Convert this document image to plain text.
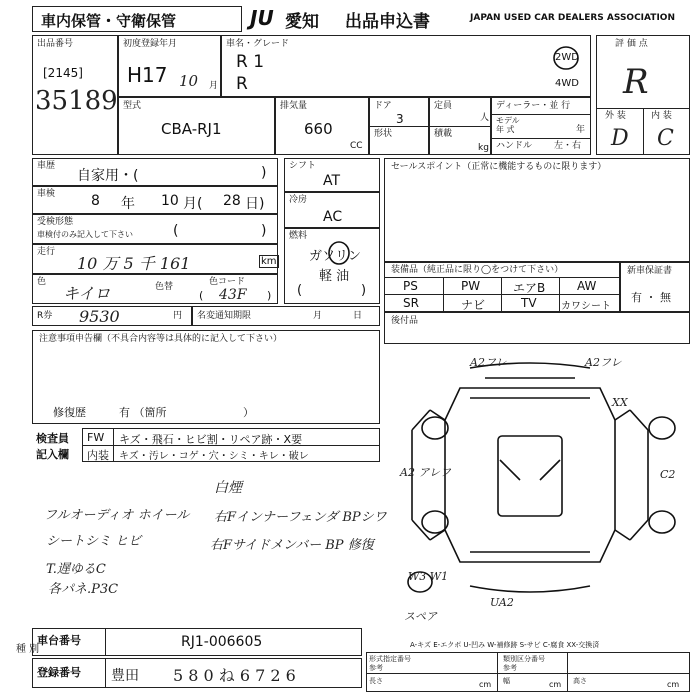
車内保管・守衛保管	JU 愛知 出品申込書	JAPAN USED CAR DEALERS ASSOCIATION
出品番号
[2145]
35189
初度登録年月
H17 10 月
車名・グレード
R 1
R
2WD
4WD
評 価 点
R
外 装	内 装
D C
型式
CBA-RJ1
排気量
660
CC
ドア
3
形状
定員
人
積載
kg
ディーラー・並 行
モデル
年 式	年
ハンドル 左・右
車歴
自家用・(	)
車検	8 年 10 月( 28 日)
受検形態
車検付のみ記入して下さい	(	)
走行
10 万 5 千 161	km
色
キイロ	色替	色コード
( 43F )
R券 9530	円 名変通知期限	月	日
シフト
AT
冷房
AC
燃料
ガソリン
軽 油
(	)
セールスポイント（正常に機能するものに限ります）
装備品（純正品に限り◯をつけて下さい）
PS	PW	エアB	AW
SR	ナビ	TV カワシート
新車保証書
有 ・ 無
後付品
注意事項申告欄（不具合内容等は具体的に記入して下さい）
修復歴	有 （箇所	）
検査員
記入欄
FW キズ・飛石・ヒビ割・リペア跡・X要
内装 キズ・汚レ・コゲ・穴・シミ・キレ・破レ
白煙
右Fインナーフェンダ BPシワ
右Fサイドメンバー BP 修復
フルオーディオ ホイール
シートシミ ヒビ
T.遅ゆるC
各パネ.P3C
A2フレ	A2フレ
XX
C2
A2 アレフ
W3 W1
スペア
UA2
A-キズ E-エクボ U-凹み W-補修跡 S-サビ C-腐食 XX-交換済
車台番号	RJ1-006605
登録番号 豊田 5 8 0 ね 6 7 2 6
形式指定番号
参考
類別区分番号
参考
長さ	cm 幅	cm 高さ	cm
種 別
